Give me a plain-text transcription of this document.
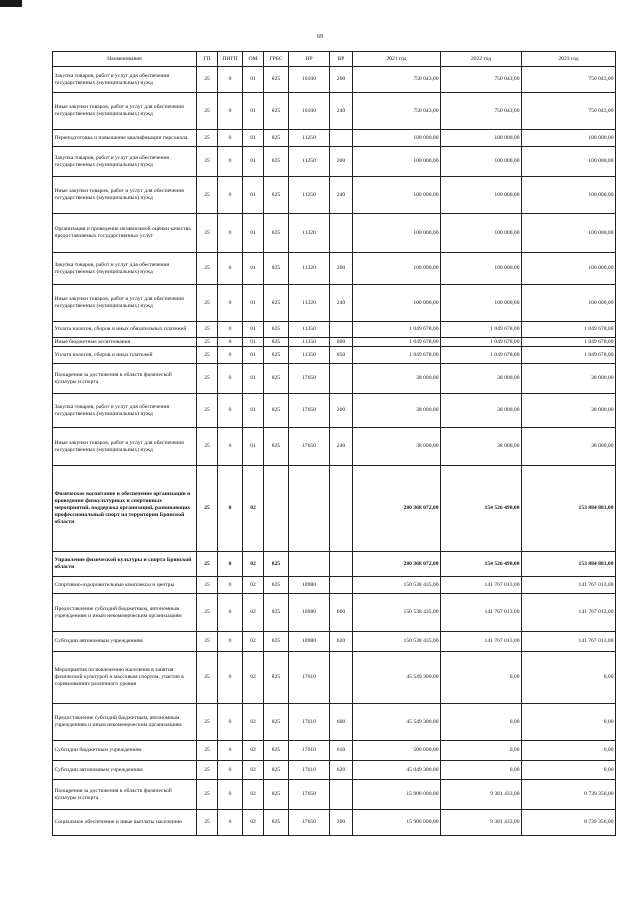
69
Наименование	ГП	ПНГП	ОМ	ГРБС	НР	ВР	2021 год	2022 год	2023 год
Закупка товаров, работ и услуг для обеспечения государственных (муниципальных) нужд	25	0	01	825	10100	200	750 043,00	750 043,00	750 043,00
Иные закупки товаров, работ и услуг для обеспечения государственных (муниципальных) нужд	25	0	01	825	10100	240	750 043,00	750 043,00	750 043,00
Переподготовка и повышение квалификации персонала	25	0	01	825	11250		100 000,00	100 000,00	100 000,00
Закупка товаров, работ и услуг для обеспечения государственных (муниципальных) нужд	25	0	01	825	11250	200	100 000,00	100 000,00	100 000,00
Иные закупки товаров, работ и услуг для обеспечения государственных (муниципальных) нужд	25	0	01	825	11250	240	100 000,00	100 000,00	100 000,00
Организация и проведение независимой оценки качества предоставляемых государственных услуг	25	0	01	825	11320		100 000,00	100 000,00	100 000,00
Закупка товаров, работ и услуг для обеспечения государственных (муниципальных) нужд	25	0	01	825	11320	200	100 000,00	100 000,00	100 000,00
Иные закупки товаров, работ и услуг для обеспечения государственных (муниципальных) нужд	25	0	01	825	11320	240	100 000,00	100 000,00	100 000,00
Уплата налогов, сборов и иных обязательных платежей	25	0	01	825	11350		1 049 678,00	1 049 678,00	1 049 678,00
Иные бюджетные ассигнования	25	0	01	825	11350	800	1 049 678,00	1 049 678,00	1 049 678,00
Уплата налогов, сборов и иных платежей	25	0	01	825	11350	850	1 049 678,00	1 049 678,00	1 049 678,00
Поощрения за достижения в области физической культуры и спорта	25	0	01	825	17650		38 000,00	38 000,00	38 000,00
Закупка товаров, работ и услуг для обеспечения государственных (муниципальных) нужд	25	0	01	825	17650	200	38 000,00	38 000,00	38 000,00
Иные закупки товаров, работ и услуг для обеспечения государственных (муниципальных) нужд	25	0	01	825	17650	240	38 000,00	38 000,00	38 000,00
Физическое воспитание и обеспечение организации и проведения физкультурных и спортивных мероприятий, поддержка организаций, развивающих профессиональный спорт на территории Брянской области	25	0	02				280 368 072,00	154 526 498,00	153 884 883,00
Управление физической культуры и спорта Брянской области	25	0	02	825			280 368 072,00	154 526 498,00	153 884 883,00
Спортивно-оздоровительные комплексы и центры	25	0	02	825	10980		150 538 435,00	141 767 013,00	141 767 013,00
Предоставление субсидий бюджетным, автономным учреждениям и иным некоммерческим организациям	25	0	02	825	10980	600	150 538 435,00	141 767 013,00	141 767 013,00
Субсидии автономным учреждениям	25	0	02	825	10980	620	150 538 435,00	141 767 013,00	141 767 013,00
Мероприятия по вовлечению населения в занятия физической культурой и массовым спортом, участие в соревнованиях различного уровня	25	0	02	825	17610		45 549 300,00	0,00	0,00
Предоставление субсидий бюджетным, автономным учреждениям и иным некоммерческим организациям	25	0	02	825	17610	600	45 549 300,00	0,00	0,00
Субсидии бюджетным учреждениям	25	0	02	825	17610	610	500 000,00	0,00	0,00
Субсидии автономным учреждениям	25	0	02	825	17610	620	45 049 300,00	0,00	0,00
Поощрения за достижения в области физической культуры и спорта	25	0	02	825	17650		15 906 000,00	9 381 433,00	8 739 356,00
Социальное обеспечение и иные выплаты населению	25	0	02	825	17650	300	15 906 000,00	9 381 433,00	8 739 356,00
